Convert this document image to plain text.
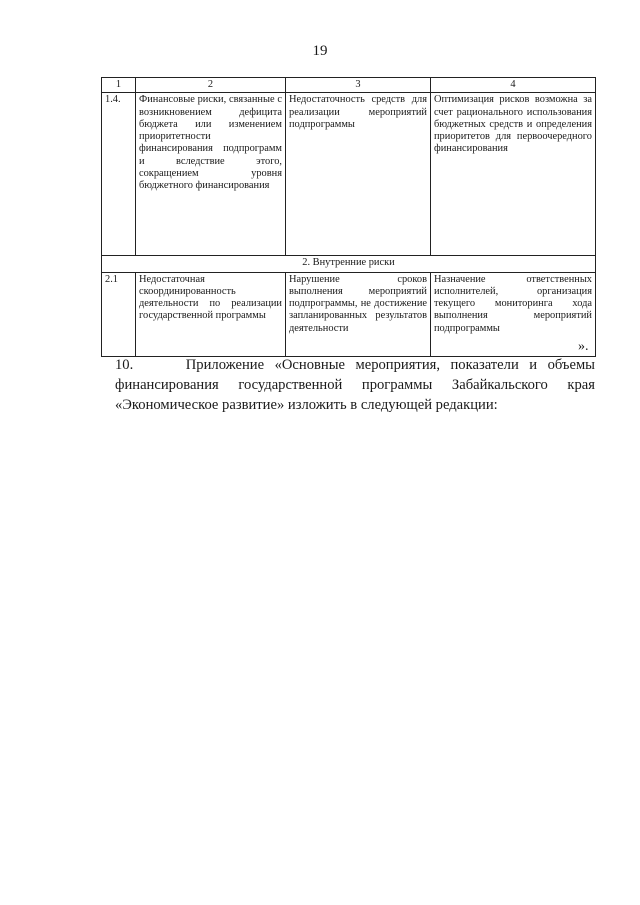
19
1	2	3	4
1.4.	Финансовые риски, связанные с возникновением дефицита бюджета или изменением приоритетности финансирования подпрограмм и вследствие этого, сокращением уровня бюджетного финансирования	Недостаточность средств для реализации мероприятий подпрограммы	Оптимизация рисков возможна за счет рационального использования бюджетных средств и определения приоритетов для первоочередного финансирования
2. Внутренние риски			
2.1	Недостаточная скоординированность деятельности по реализации государственной программы	Нарушение сроков выполнения мероприятий подпрограммы, не достижение запланированных результатов деятельности	Назначение ответственных исполнителей, организация текущего мониторинга хода выполнения мероприятий подпрограммы
».
10.	Приложение «Основные мероприятия, показатели и объемы финансирования государственной программы Забайкальского края «Экономическое развитие» изложить в следующей редакции:
